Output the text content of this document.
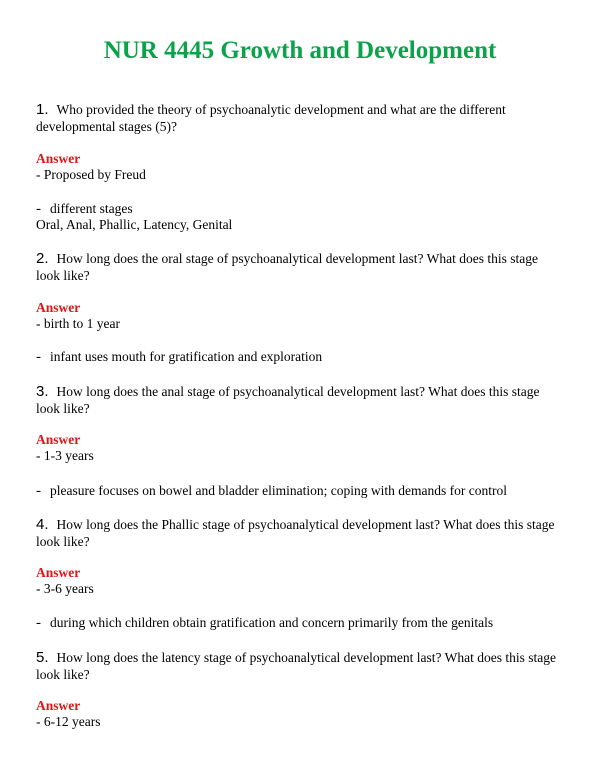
NUR 4445 Growth and Development
1. Who provided the theory of psychoanalytic development and what are the different developmental stages (5)?
Answer
- Proposed by Freud
- different stages
Oral, Anal, Phallic, Latency, Genital
2. How long does the oral stage of psychoanalytical development last? What does this stage look like?
Answer
- birth to 1 year
- infant uses mouth for gratification and exploration
3. How long does the anal stage of psychoanalytical development last? What does this stage look like?
Answer
- 1-3 years
- pleasure focuses on bowel and bladder elimination; coping with demands for control
4. How long does the Phallic stage of psychoanalytical development last? What does this stage look like?
Answer
- 3-6 years
- during which children obtain gratification and concern primarily from the genitals
5. How long does the latency stage of psychoanalytical development last? What does this stage look like?
Answer
- 6-12 years
